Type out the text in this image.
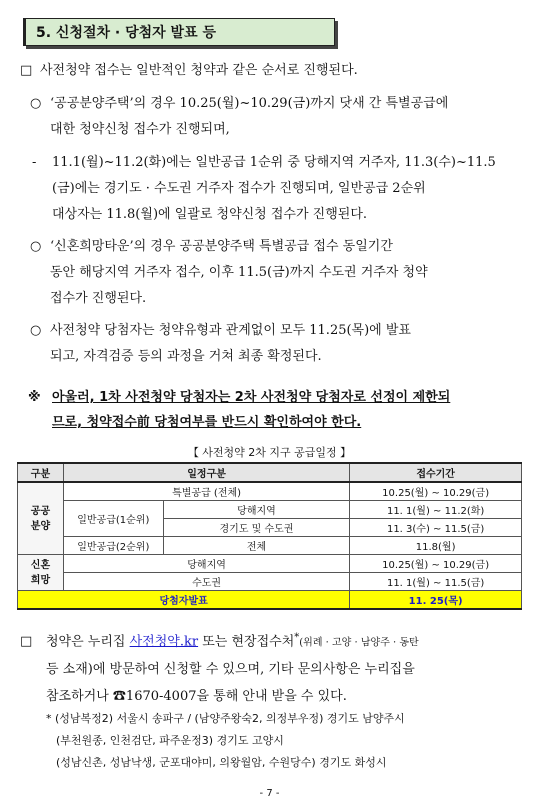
5. 신청절차 · 당첨자 발표 등
□ 사전청약 접수는 일반적인 청약과 같은 순서로 진행된다.
○ ‘공공분양주택’의 경우 10.25(월)~10.29(금)까지 닷새 간 특별공급에
대한 청약신청 접수가 진행되며,
- 11.1(월)~11.2(화)에는 일반공급 1순위 중 당해지역 거주자, 11.3(수)~11.5
(금)에는 경기도 · 수도권 거주자 접수가 진행되며, 일반공급 2순위
대상자는 11.8(월)에 일괄로 청약신청 접수가 진행된다.
○ ‘신혼희망타운’의 경우 공공분양주택 특별공급 접수 동일기간
동안 해당지역 거주자 접수, 이후 11.5(금)까지 수도권 거주자 청약
접수가 진행된다.
○ 사전청약 당첨자는 청약유형과 관계없이 모두 11.25(목)에 발표
되고, 자격검증 등의 과정을 거쳐 최종 확정된다.
※ 아울러, 1차 사전청약 당첨자는 2차 사전청약 당첨자로 선정이 제한되
므로, 청약접수前 당첨여부를 반드시 확인하여야 한다.
【 사전청약 2차 지구 공급일정 】
구분	일정구분		접수기간
공공
분양	특별공급 (전체)		10.25(월) ~ 10.29(금)
	일반공급(1순위)	당해지역	11. 1(월) ~ 11.2(화)
		경기도 및 수도권	11. 3(수) ~ 11.5(금)
	일반공급(2순위)	전체	11.8(월)
신혼
희망	당해지역		10.25(월) ~ 10.29(금)
	수도권		11. 1(월) ~ 11.5(금)
당첨자발표			11. 25(목)
□ 청약은 누리집 사전청약.kr 또는 현장접수처*(위례 · 고양 · 남양주 · 동탄
등 소재)에 방문하여 신청할 수 있으며, 기타 문의사항은 누리집을
참조하거나 ☎1670-4007을 통해 안내 받을 수 있다.
* (성남복정2) 서울시 송파구 / (남양주왕숙2, 의정부우정) 경기도 남양주시
(부천원종, 인천검단, 파주운정3) 경기도 고양시
(성남신촌, 성남낙생, 군포대야미, 의왕월암, 수원당수) 경기도 화성시
- 7 -
